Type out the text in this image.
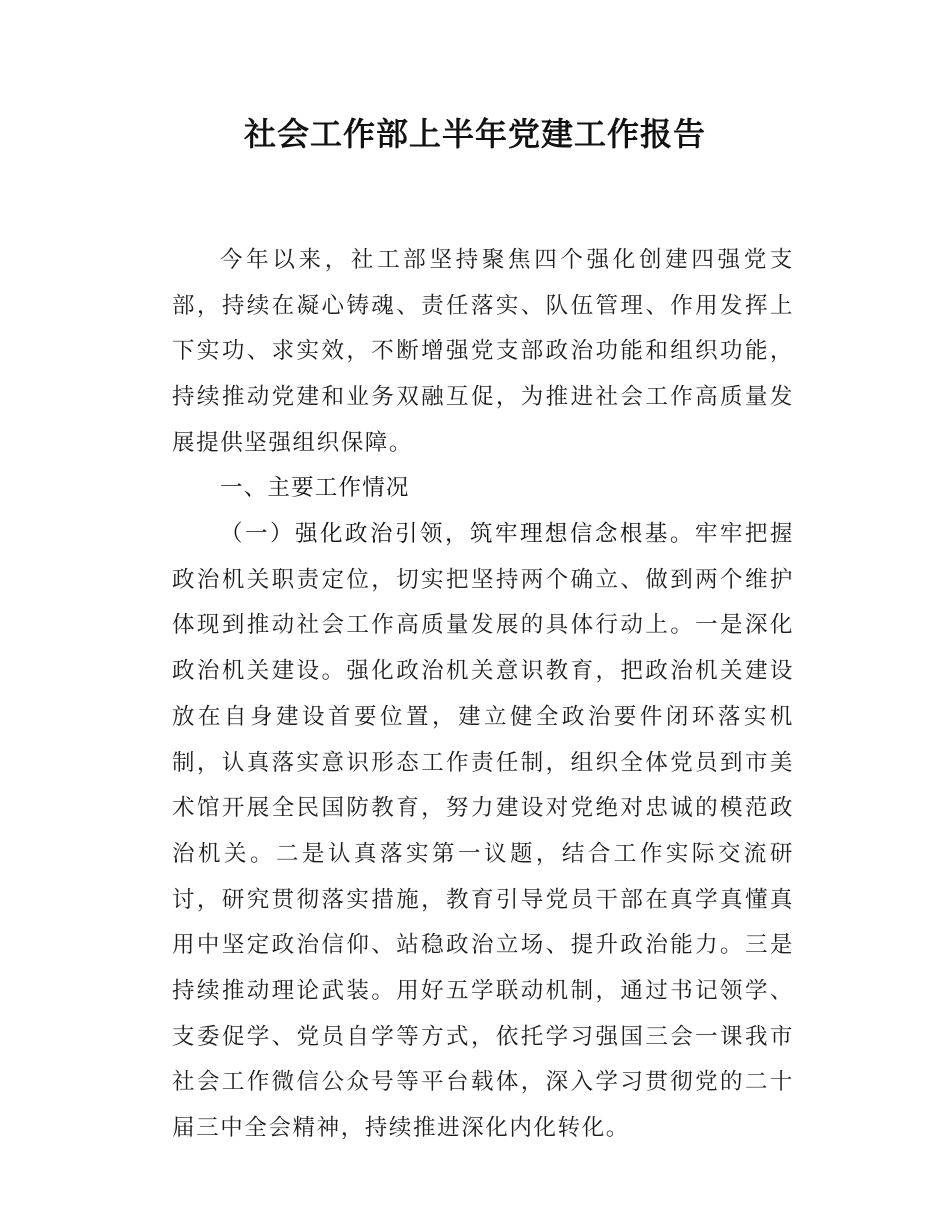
社会工作部上半年党建工作报告
今年以来，社工部坚持聚焦四个强化创建四强党支部，持续在凝心铸魂、责任落实、队伍管理、作用发挥上下实功、求实效，不断增强党支部政治功能和组织功能，持续推动党建和业务双融互促，为推进社会工作高质量发展提供坚强组织保障。
一、主要工作情况
（一）强化政治引领，筑牢理想信念根基。牢牢把握政治机关职责定位，切实把坚持两个确立、做到两个维护体现到推动社会工作高质量发展的具体行动上。一是深化政治机关建设。强化政治机关意识教育，把政治机关建设放在自身建设首要位置，建立健全政治要件闭环落实机制，认真落实意识形态工作责任制，组织全体党员到市美术馆开展全民国防教育，努力建设对党绝对忠诚的模范政治机关。二是认真落实第一议题，结合工作实际交流研讨，研究贯彻落实措施，教育引导党员干部在真学真懂真用中坚定政治信仰、站稳政治立场、提升政治能力。三是持续推动理论武装。用好五学联动机制，通过书记领学、支委促学、党员自学等方式，依托学习强国三会一课我市社会工作微信公众号等平台载体，深入学习贯彻党的二十届三中全会精神，持续推进深化内化转化。
